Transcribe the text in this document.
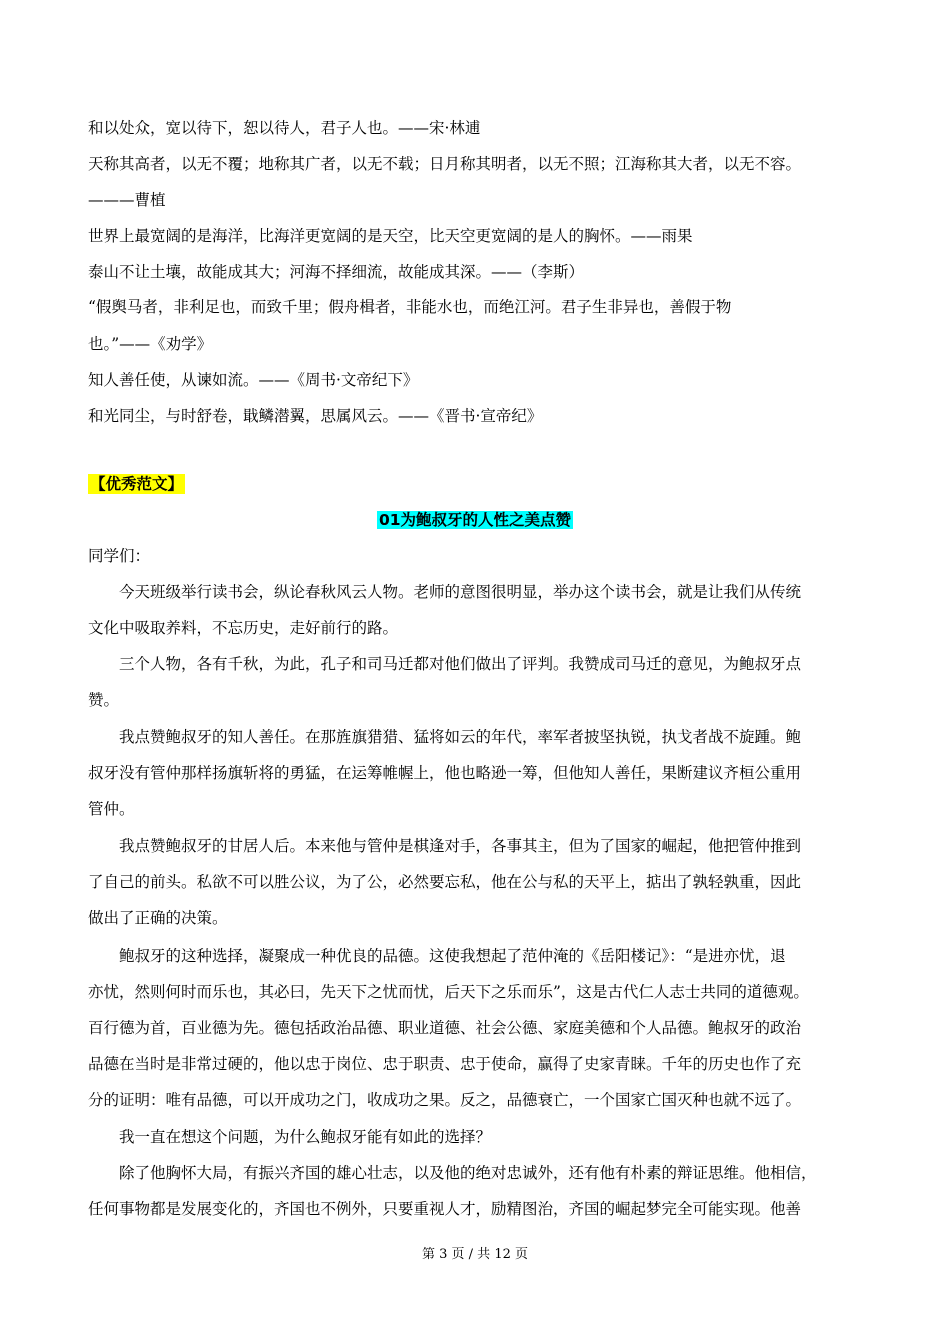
和以处众，宽以待下，恕以待人，君子人也。——宋·林逋
天称其高者，以无不覆；地称其广者，以无不载；日月称其明者，以无不照；江海称其大者，以无不容。
———曹植
世界上最宽阔的是海洋，比海洋更宽阔的是天空，比天空更宽阔的是人的胸怀。——雨果
泰山不让土壤，故能成其大；河海不择细流，故能成其深。——（李斯）
“假舆马者，非利足也，而致千里；假舟楫者，非能水也，而绝江河。君子生非异也，善假于物
也。”——《劝学》
知人善任使，从谏如流。——《周书·文帝纪下》
和光同尘，与时舒卷，戢鳞潜翼，思属风云。——《晋书·宣帝纪》
【优秀范文】
01为鲍叔牙的人性之美点赞
同学们：
　　今天班级举行读书会，纵论春秋风云人物。老师的意图很明显，举办这个读书会，就是让我们从传统
文化中吸取养料，不忘历史，走好前行的路。
　　三个人物，各有千秋，为此，孔子和司马迁都对他们做出了评判。我赞成司马迁的意见，为鲍叔牙点
赞。
　　我点赞鲍叔牙的知人善任。在那旌旗猎猎、猛将如云的年代，率军者披坚执锐，执戈者战不旋踵。鲍
叔牙没有管仲那样扬旗斩将的勇猛，在运筹帷幄上，他也略逊一筹，但他知人善任，果断建议齐桓公重用
管仲。
　　我点赞鲍叔牙的甘居人后。本来他与管仲是棋逢对手，各事其主，但为了国家的崛起，他把管仲推到
了自己的前头。私欲不可以胜公议，为了公，必然要忘私，他在公与私的天平上，掂出了孰轻孰重，因此
做出了正确的决策。
　　鲍叔牙的这种选择，凝聚成一种优良的品德。这使我想起了范仲淹的《岳阳楼记》：“是进亦忧，退
亦忧，然则何时而乐也，其必曰，先天下之忧而忧，后天下之乐而乐”，这是古代仁人志士共同的道德观。
百行德为首，百业德为先。德包括政治品德、职业道德、社会公德、家庭美德和个人品德。鲍叔牙的政治
品德在当时是非常过硬的，他以忠于岗位、忠于职责、忠于使命，赢得了史家青睐。千年的历史也作了充
分的证明：唯有品德，可以开成功之门，收成功之果。反之，品德衰亡，一个国家亡国灭种也就不远了。
　　我一直在想这个问题，为什么鲍叔牙能有如此的选择？
　　除了他胸怀大局，有振兴齐国的雄心壮志，以及他的绝对忠诚外，还有他有朴素的辩证思维。他相信，
任何事物都是发展变化的，齐国也不例外，只要重视人才，励精图治，齐国的崛起梦完全可能实现。他善
第 3 页 / 共 12 页
